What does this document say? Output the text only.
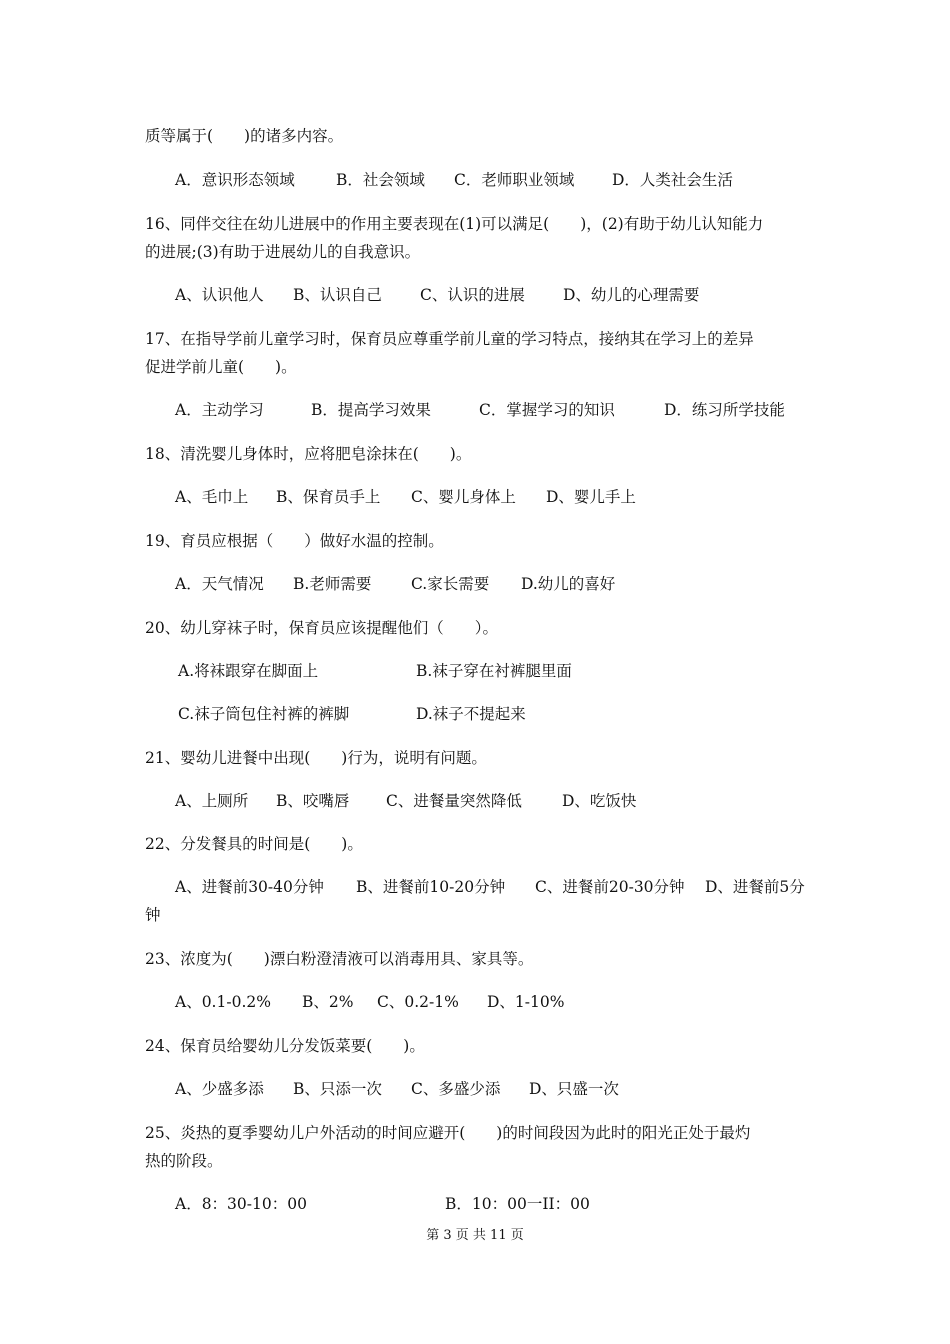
质等属于(　　)的诸多内容。
A．意识形态领域	B．社会领域 C．老师职业领域 D．人类社会生活
16、同伴交往在幼儿进展中的作用主要表现在(1)可以满足(　　)，(2)有助于幼儿认知能力
的进展;(3)有助于进展幼儿的自我意识。
A、认识他人 B、认识自己 C、认识的进展 D、幼儿的心理需要
17、在指导学前儿童学习时，保育员应尊重学前儿童的学习特点，接纳其在学习上的差异
促进学前儿童(　　)。
A．主动学习	B．提高学习效果	C．掌握学习的知识	D．练习所学技能
18、清洗婴儿身体时，应将肥皂涂抹在(　　)。
A、毛巾上 B、保育员手上 C、婴儿身体上 D、婴儿手上
19、育员应根据（　　）做好水温的控制。
A．天气情况 B.老师需要	C.家长需要 D.幼儿的喜好
20、幼儿穿袜子时，保育员应该提醒他们（　　）。
A.将袜跟穿在脚面上	B.袜子穿在衬裤腿里面
C.袜子筒包住衬裤的裤脚	D.袜子不提起来
21、婴幼儿进餐中出现(　　)行为，说明有问题。
A、上厕所 B、咬嘴唇 C、进餐量突然降低	D、吃饭快
22、分发餐具的时间是(　　)。
A、进餐前30-40分钟 B、进餐前10-20分钟 C、进餐前20-30分钟 D、进餐前5分
钟
23、浓度为(　　)漂白粉澄清液可以消毒用具、家具等。
A、0.1-0.2% B、2% C、0.2-1% D、1-10%
24、保育员给婴幼儿分发饭菜要(　　)。
A、少盛多添 B、只添一次 C、多盛少添 D、只盛一次
25、炎热的夏季婴幼儿户外活动的时间应避开(　　)的时间段因为此时的阳光正处于最灼
热的阶段。
A．8：30-10：00	B．10：00一II：00
第 3 页 共 11 页
